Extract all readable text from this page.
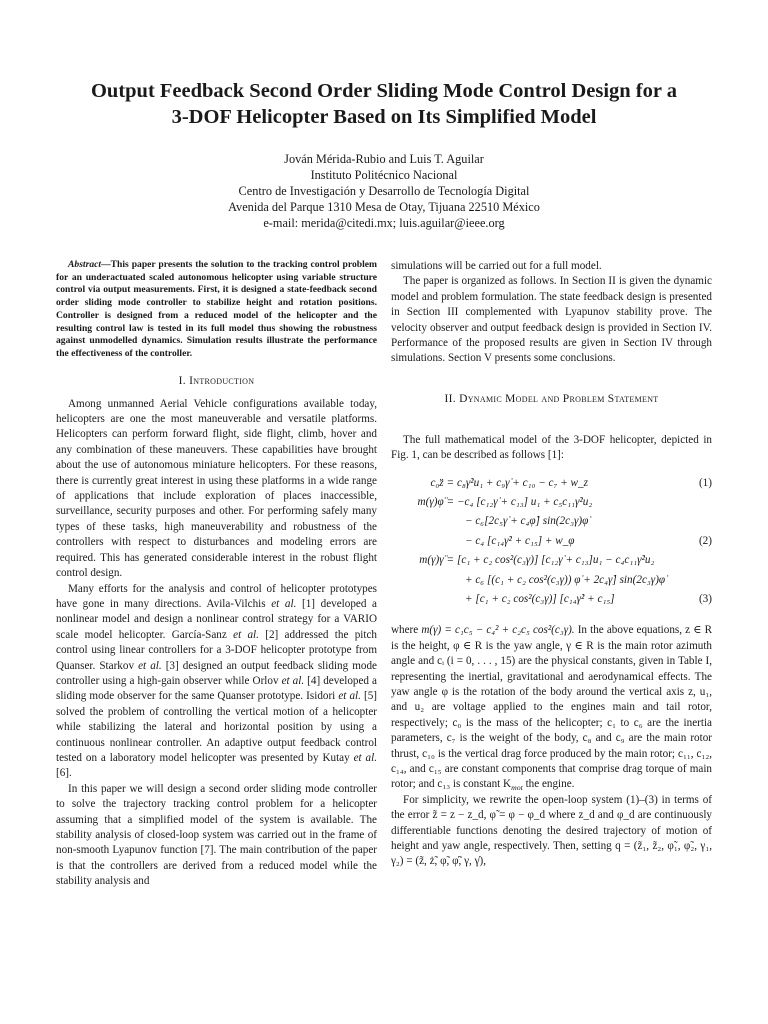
Output Feedback Second Order Sliding Mode Control Design for a
3-DOF Helicopter Based on Its Simplified Model
Jován Mérida-Rubio and Luis T. Aguilar
Instituto Politécnico Nacional
Centro de Investigación y Desarrollo de Tecnología Digital
Avenida del Parque 1310 Mesa de Otay, Tijuana 22510 México
e-mail: merida@citedi.mx; luis.aguilar@ieee.org

Abstract—This paper presents the solution to the tracking control problem for an underactuated scaled autonomous helicopter using variable structure control via output measurements. First, it is designed a state-feedback second order sliding mode controller to stabilize height and rotation positions. Controller is designed from a reduced model of the helicopter and the resulting control law is tested in its full model thus showing the robustness against unmodelled dynamics. Simulation results illustrate the performance the effectiveness of the controller.

I. Introduction

Among unmanned Aerial Vehicle configurations available today, helicopters are one the most maneuverable and versatile platforms. Helicopters can perform forward flight, side flight, climb, hover and any combination of these maneuvers. These capabilities have brought about the use of autonomous miniature helicopters. For these reasons, there is currently great interest in using these platforms in a wide range of applications that include exploration of places inaccessible, surveillance, security purposes and other. For performing safely many types of these tasks, high maneuverability and robustness of the controllers with respect to disturbances and modeling errors are required. This has generated considerable interest in the robust flight control design.

Many efforts for the analysis and control of helicopter prototypes have gone in many directions. Avila-Vilchis et al. [1] developed a nonlinear model and design a nonlinear control strategy for a VARIO scale model helicopter. García-Sanz et al. [2] addressed the pitch control using linear controllers for a 3-DOF helicopter prototype from Quanser. Starkov et al. [3] designed an output feedback sliding mode controller using a high-gain observer while Orlov et al. [4] developed a sliding mode observer for the same Quanser prototype. Isidori et al. [5] solved the problem of controlling the vertical motion of a helicopter while stabilizing the lateral and horizontal position by using a continuous nonlinear controller. An adaptive output feedback control tested on a laboratory model helicopter was presented by Kutay et al. [6].

In this paper we will design a second order sliding mode controller to solve the trajectory tracking control problem for a helicopter assuming that a simplified model of the system is available. The stability analysis of closed-loop system was carried out in the frame of non-smooth Lyapunov function [7]. The main contribution of the paper is that the controllers are derived from a reduced model while the stability analysis and

simulations will be carried out for a full model.

The paper is organized as follows. In Section II is given the dynamic model and problem formulation. The state feedback design is presented in Section III complemented with Lyapunov stability prove. The velocity observer and output feedback design is provided in Section IV. Performance of the proposed results are given in Section IV through simulations. Section V presents some conclusions.

II. Dynamic Model and Problem Statement

The full mathematical model of the 3-DOF helicopter, depicted in Fig. 1, can be described as follows [1]:

c₀z̈ = c₈γ̇²u₁ + c₉γ̇ + c₁₀ − c₇ + w_z	(1)
m(γ)φ̈ = −c₄ [c₁₂γ̇ + c₁₃] u₁ + c₅c₁₁γ̇²u₂
− c₆[2c₅γ̇ + c₄φ̇] sin(2c₃γ)φ̇
− c₄ [c₁₄γ̇² + c₁₅] + w_φ	(2)
m(γ)γ̈ = [c₁ + c₂ cos²(c₃γ)] [c₁₂γ̇ + c₁₃]u₁ − c₄c₁₁γ̇²u₂
+ c₆ [(c₁ + c₂ cos²(c₃γ)) φ̇ + 2c₄γ̇] sin(2c₃γ)φ̇
+ [c₁ + c₂ cos²(c₃γ)] [c₁₄γ̇² + c₁₅]	(3)

where m(γ) = c₁c₅ − c₄² + c₂c₅ cos²(c₃γ). In the above equations, z ∈ R is the height, φ ∈ R is the yaw angle, γ ∈ R is the main rotor azimuth angle and cᵢ (i = 0, . . . , 15) are the physical constants, given in Table I, representing the inertial, gravitational and aerodynamical effects. The yaw angle φ is the rotation of the body around the vertical axis z, u₁, and u₂ are voltage applied to the engines main and tail rotor, respectively; c₀ is the mass of the helicopter; c₁ to c₆ are the inertia parameters, c₇ is the weight of the body, c₈ and c₉ are the main rotor thrust, c₁₀ is the vertical drag force produced by the main rotor; c₁₁, c₁₂, c₁₄, and c₁₅ are constant components that comprise drag torque of main rotor; and c₁₃ is constant $K_{mot}$ the engine.

For simplicity, we rewrite the open-loop system (1)–(3) in terms of the error z̃ = z − z_d, φ̃ = φ − φ_d where z_d and φ_d are continuously differentiable functions denoting the desired trajectory of motion of height and yaw angle, respectively. Then, setting q = (z̃₁, z̃₂, φ̃₁, φ̃₂, γ₁, γ₂) = (z̃, ż̃, φ̃, φ̇̃, γ, γ̇),
